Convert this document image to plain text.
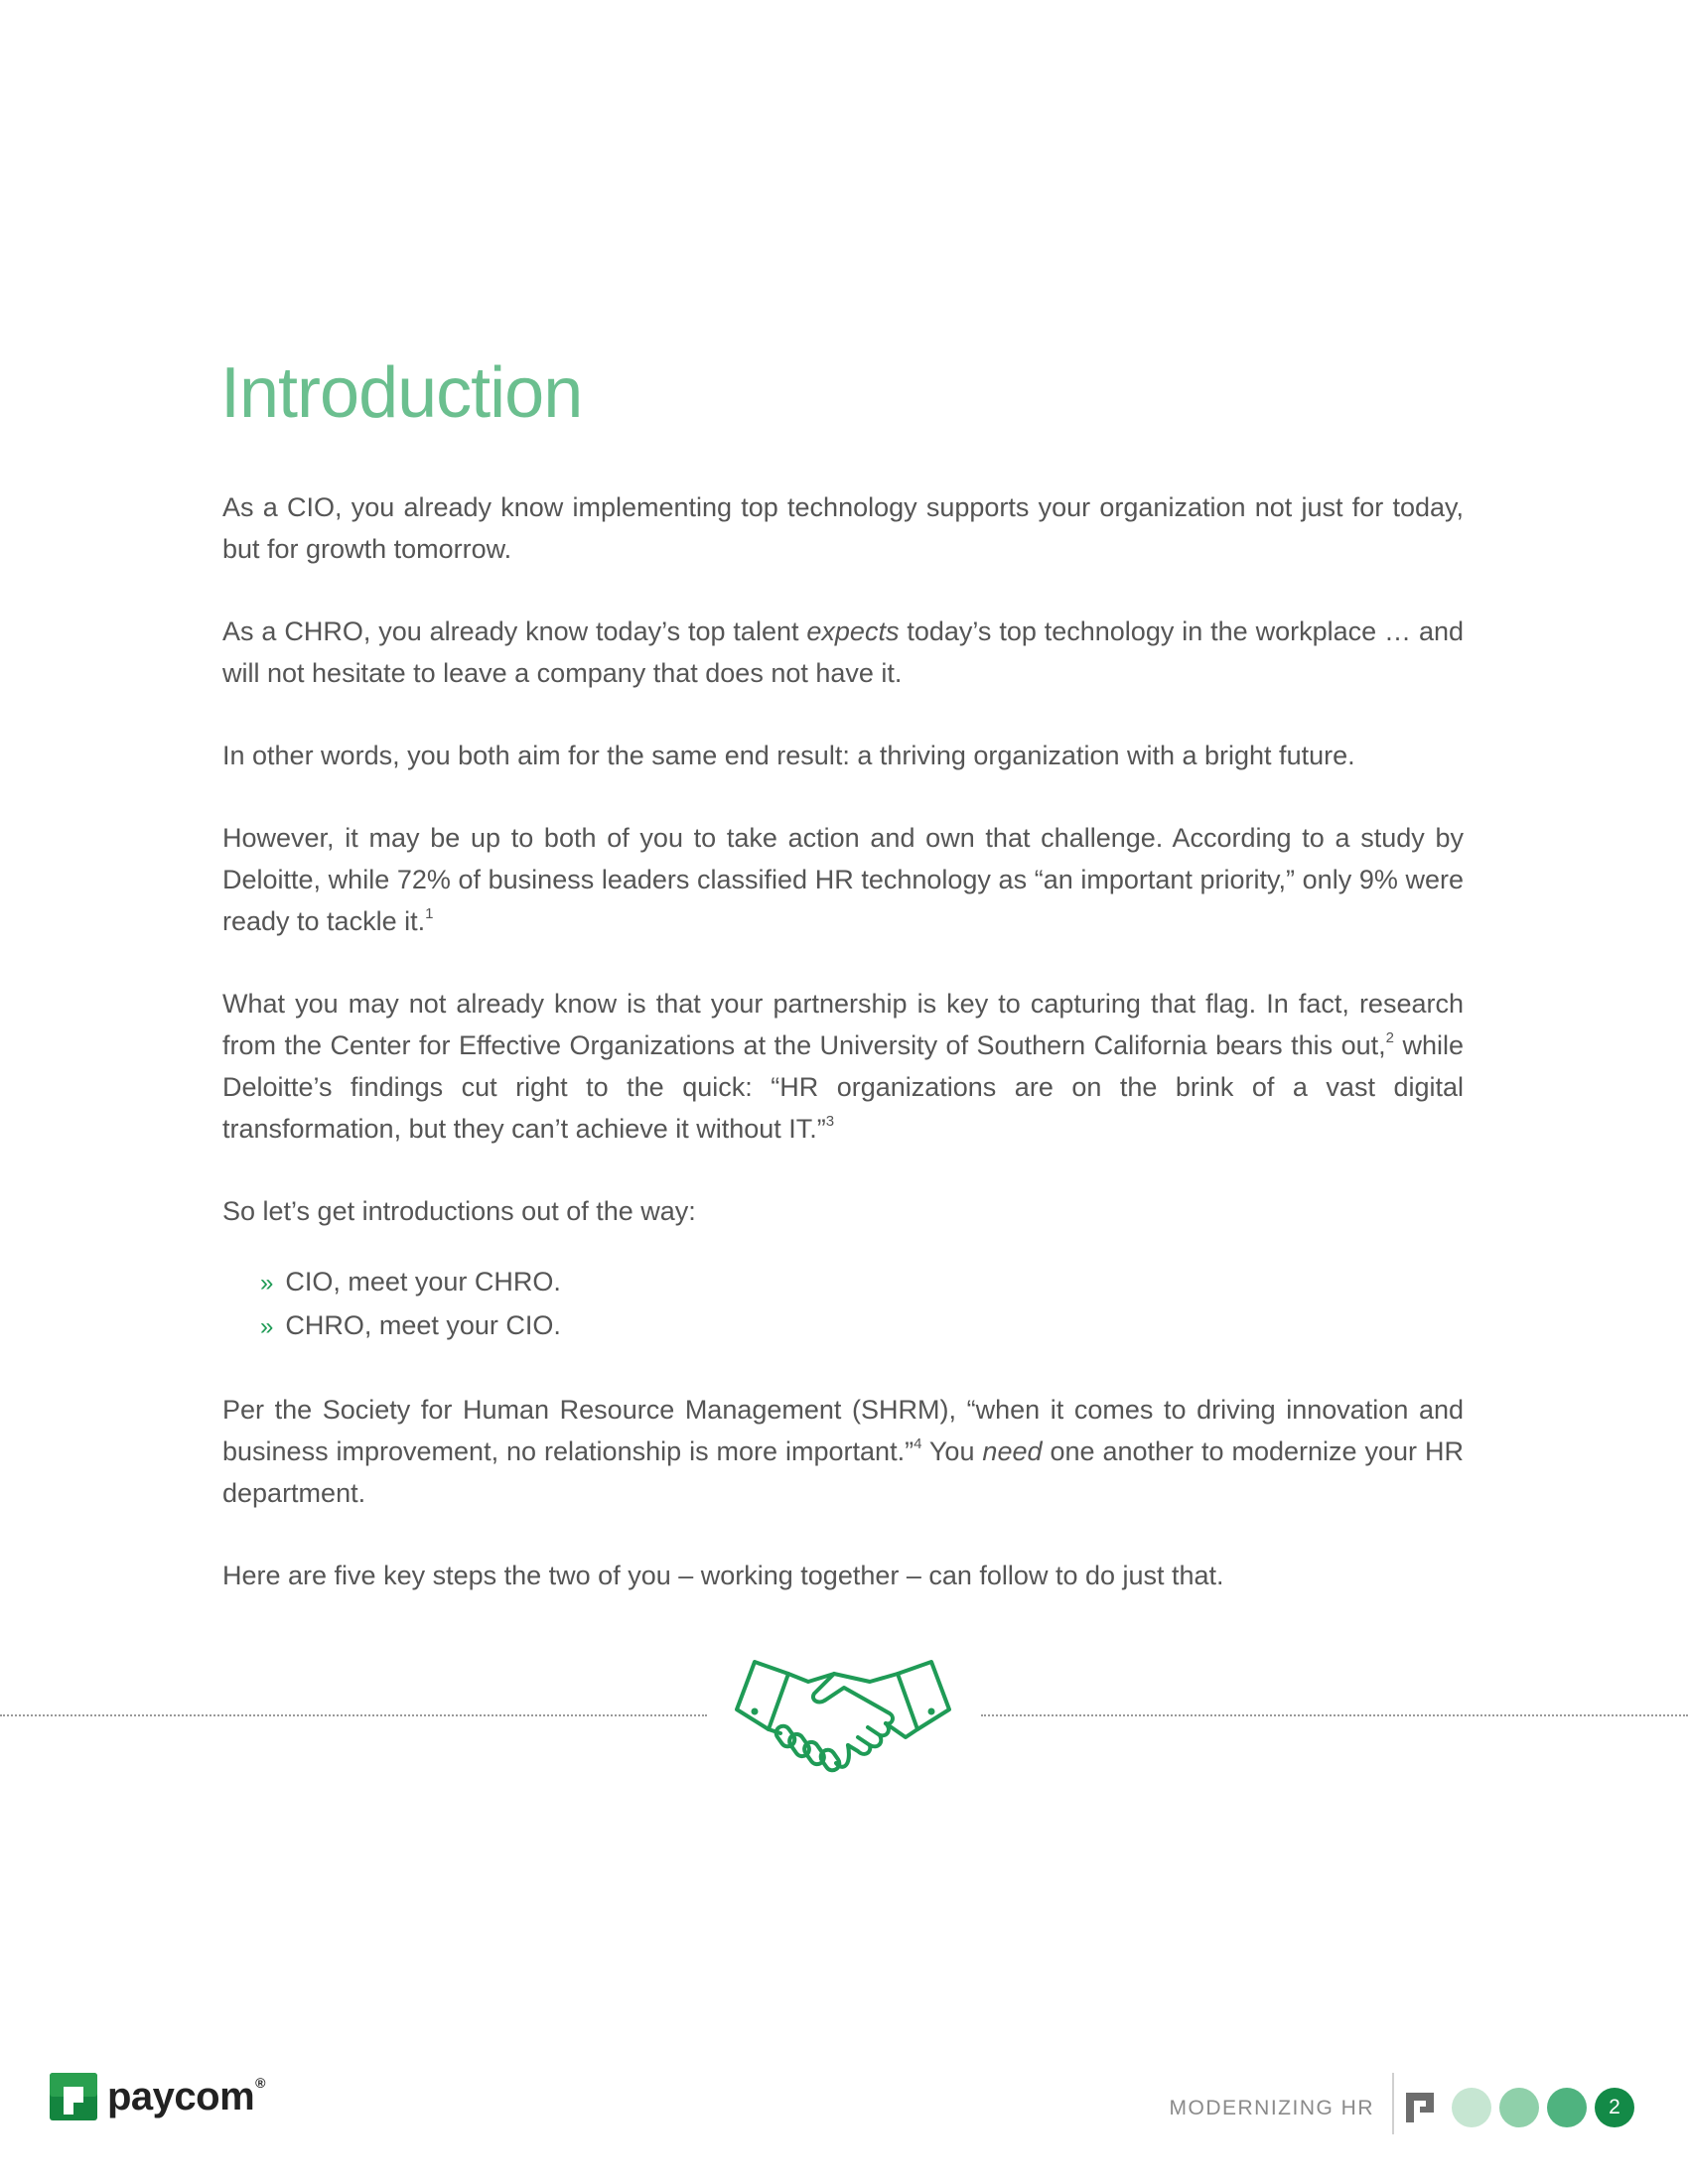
Introduction

As a CIO, you already know implementing top technology supports your organization not just for today, but for growth tomorrow.

As a CHRO, you already know today’s top talent expects today’s top technology in the workplace … and will not hesitate to leave a company that does not have it.

In other words, you both aim for the same end result: a thriving organization with a bright future.

However, it may be up to both of you to take action and own that challenge. According to a study by Deloitte, while 72% of business leaders classified HR technology as “an important priority,” only 9% were ready to tackle it.$^1$

What you may not already know is that your partnership is key to capturing that flag. In fact, research from the Center for Effective Organizations at the University of Southern California bears this out,$^2$ while Deloitte’s findings cut right to the quick: “HR organizations are on the brink of a vast digital transformation, but they can’t achieve it without IT.”$^3$

So let’s get introductions out of the way:

» CIO, meet your CHRO.
» CHRO, meet your CIO.

Per the Society for Human Resource Management (SHRM), “when it comes to driving innovation and business improvement, no relationship is more important.”$^4$ You need one another to modernize your HR department.

Here are five key steps the two of you – working together – can follow to do just that.

paycom®
MODERNIZING HR	2
